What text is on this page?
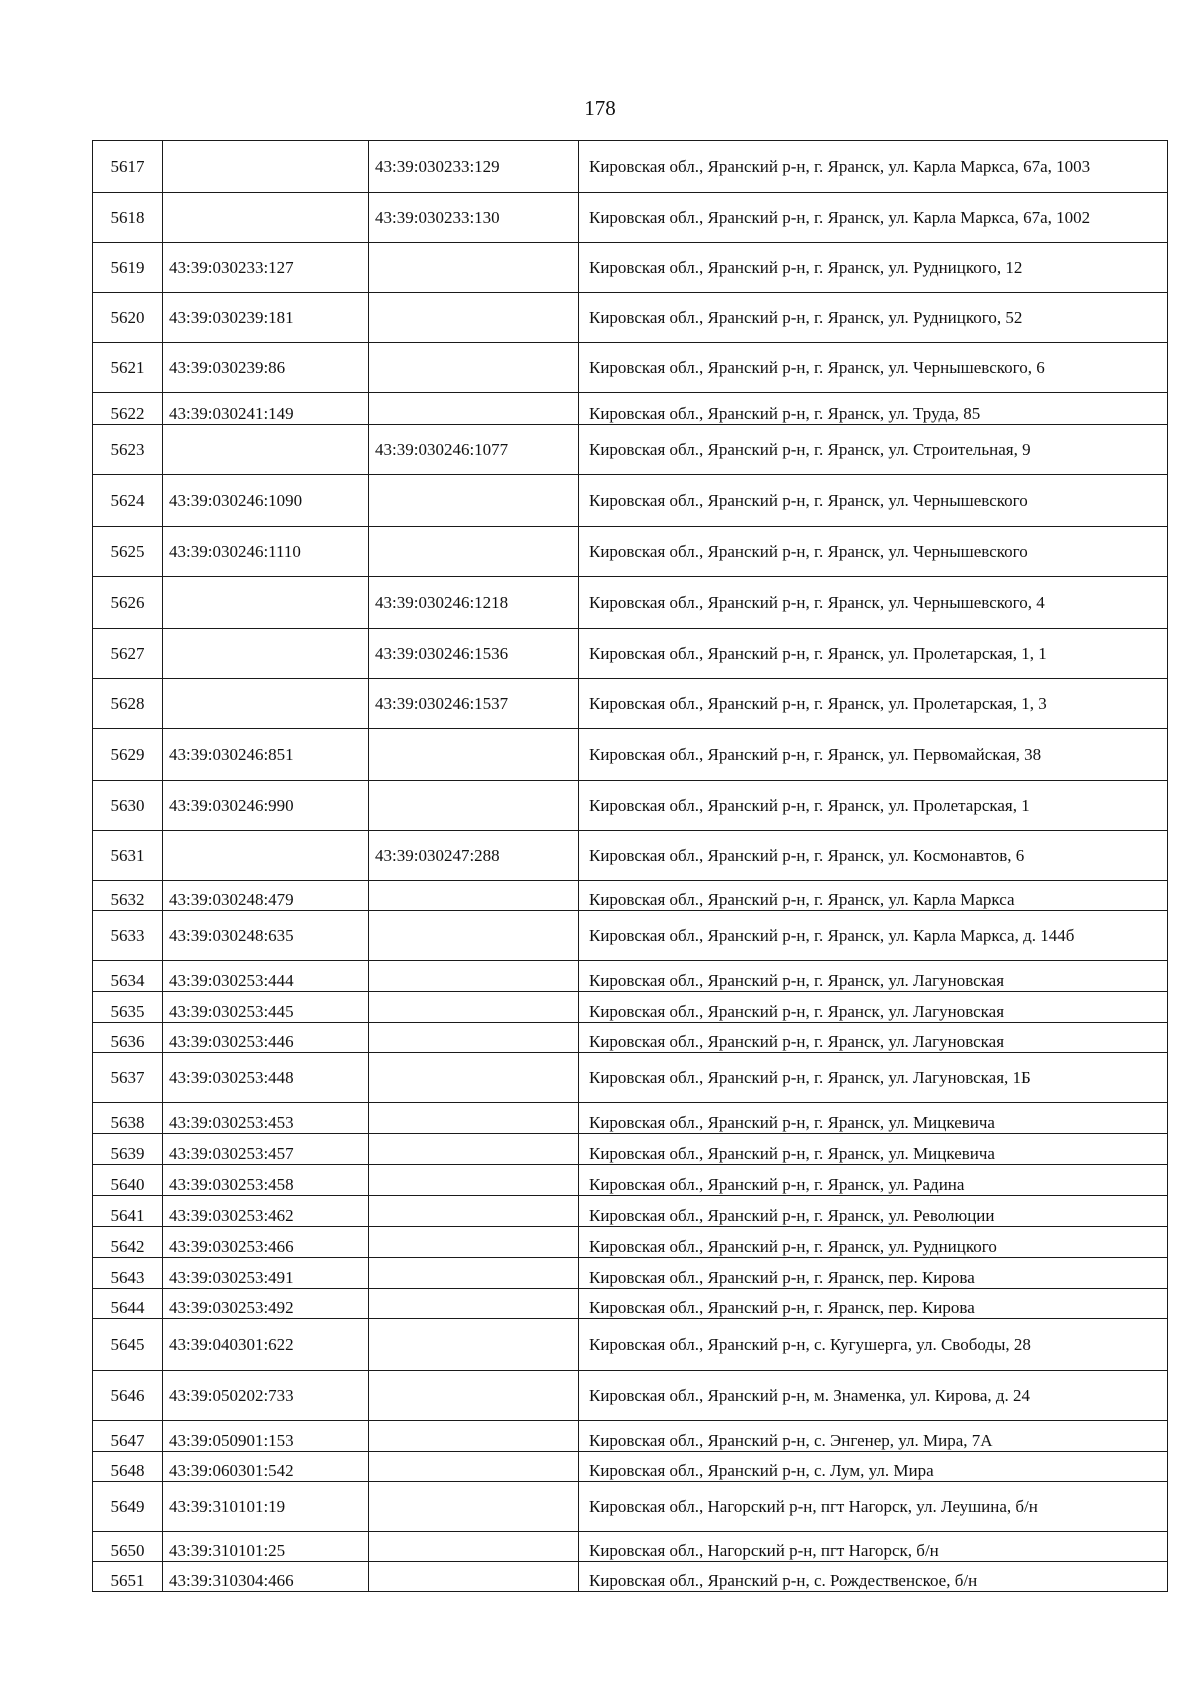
178
5617		43:39:030233:129	Кировская обл., Яранский р-н, г. Яранск, ул. Карла Маркса, 67а, 1003
5618		43:39:030233:130	Кировская обл., Яранский р-н, г. Яранск, ул. Карла Маркса, 67а, 1002
5619	43:39:030233:127		Кировская обл., Яранский р-н, г. Яранск, ул. Рудницкого, 12
5620	43:39:030239:181		Кировская обл., Яранский р-н, г. Яранск, ул. Рудницкого, 52
5621	43:39:030239:86		Кировская обл., Яранский р-н, г. Яранск, ул. Чернышевского, 6
5622	43:39:030241:149		Кировская обл., Яранский р-н, г. Яранск, ул. Труда, 85
5623		43:39:030246:1077	Кировская обл., Яранский р-н, г. Яранск, ул. Строительная, 9
5624	43:39:030246:1090		Кировская обл., Яранский р-н, г. Яранск, ул. Чернышевского
5625	43:39:030246:1110		Кировская обл., Яранский р-н, г. Яранск, ул. Чернышевского
5626		43:39:030246:1218	Кировская обл., Яранский р-н, г. Яранск, ул. Чернышевского, 4
5627		43:39:030246:1536	Кировская обл., Яранский р-н, г. Яранск, ул. Пролетарская, 1, 1
5628		43:39:030246:1537	Кировская обл., Яранский р-н, г. Яранск, ул. Пролетарская, 1, 3
5629	43:39:030246:851		Кировская обл., Яранский р-н, г. Яранск, ул. Первомайская, 38
5630	43:39:030246:990		Кировская обл., Яранский р-н, г. Яранск, ул. Пролетарская, 1
5631		43:39:030247:288	Кировская обл., Яранский р-н, г. Яранск, ул. Космонавтов, 6
5632	43:39:030248:479		Кировская обл., Яранский р-н, г. Яранск, ул. Карла Маркса
5633	43:39:030248:635		Кировская обл., Яранский р-н, г. Яранск, ул. Карла Маркса, д. 144б
5634	43:39:030253:444		Кировская обл., Яранский р-н, г. Яранск, ул. Лагуновская
5635	43:39:030253:445		Кировская обл., Яранский р-н, г. Яранск, ул. Лагуновская
5636	43:39:030253:446		Кировская обл., Яранский р-н, г. Яранск, ул. Лагуновская
5637	43:39:030253:448		Кировская обл., Яранский р-н, г. Яранск, ул. Лагуновская, 1Б
5638	43:39:030253:453		Кировская обл., Яранский р-н, г. Яранск, ул. Мицкевича
5639	43:39:030253:457		Кировская обл., Яранский р-н, г. Яранск, ул. Мицкевича
5640	43:39:030253:458		Кировская обл., Яранский р-н, г. Яранск, ул. Радина
5641	43:39:030253:462		Кировская обл., Яранский р-н, г. Яранск, ул. Революции
5642	43:39:030253:466		Кировская обл., Яранский р-н, г. Яранск, ул. Рудницкого
5643	43:39:030253:491		Кировская обл., Яранский р-н, г. Яранск, пер. Кирова
5644	43:39:030253:492		Кировская обл., Яранский р-н, г. Яранск, пер. Кирова
5645	43:39:040301:622		Кировская обл., Яранский р-н, с. Кугушерга, ул. Свободы, 28
5646	43:39:050202:733		Кировская обл., Яранский р-н, м. Знаменка, ул. Кирова, д. 24
5647	43:39:050901:153		Кировская обл., Яранский р-н, с. Энгенер, ул. Мира, 7А
5648	43:39:060301:542		Кировская обл., Яранский р-н, с. Лум, ул. Мира
5649	43:39:310101:19		Кировская обл., Нагорский р-н, пгт Нагорск, ул. Леушина, б/н
5650	43:39:310101:25		Кировская обл., Нагорский р-н, пгт Нагорск, б/н
5651	43:39:310304:466		Кировская обл., Яранский р-н, с. Рождественское, б/н
